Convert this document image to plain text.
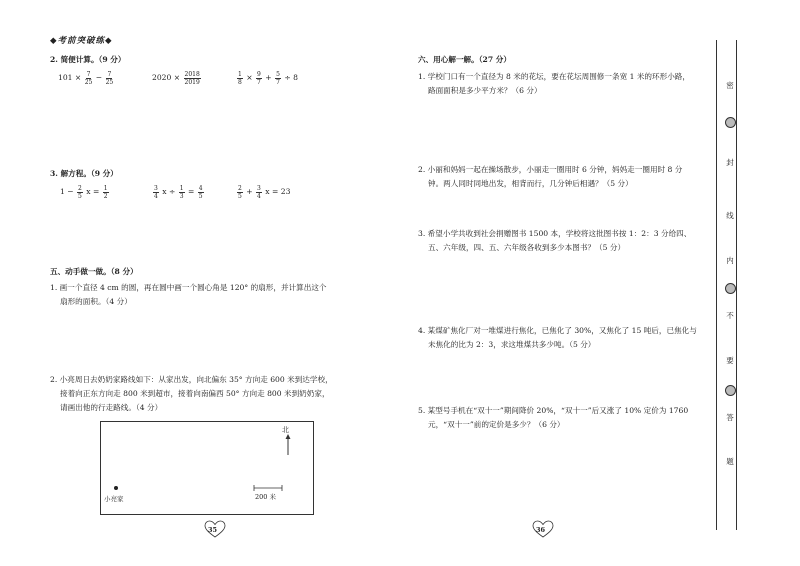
◆考前突破练◆
2. 简便计算。（9 分）
$101 \times \frac{7}{25} - \frac{7}{25}$	$2020 \times \frac{2018}{2019}$	$\frac{1}{8} \times \frac{9}{7} + \frac{5}{7} \div 8$
3. 解方程。（9 分）
$1 - \frac{2}{5}$ $x = \frac{1}{2}$	$\frac{3}{4}$ $x \div \frac{1}{3} = \frac{4}{5}$	$\frac{2}{5} + \frac{3}{4}$ x = 23
五、动手做一做。（8 分）
1. 画一个直径 4 cm 的圆，再在圆中画一个圆心角是 120° 的扇形，并计算出这个
扇形的面积。（4 分）
2. 小亮周日去奶奶家路线如下：从家出发，向北偏东 35° 方向走 600 米到达学校，
接着向正东方向走 800 米到超市，接着向南偏西 50° 方向走 800 米到奶奶家，
请画出他的行走路线。（4 分）
北
小亮家	200 米
35
六、用心解一解。（27 分）
1. 学校门口有一个直径为 8 米的花坛，要在花坛周围修一条宽 1 米的环形小路，
路面面积是多少平方米？（6 分）
2. 小丽和妈妈一起在操场散步，小丽走一圈用时 6 分钟，妈妈走一圈用时 8 分
钟。两人同时同地出发，相背而行，几分钟后相遇？（5 分）
3. 希望小学共收到社会捐赠图书 1500 本，学校将这批图书按 1：2：3 分给四、
五、六年级，四、五、六年级各收到多少本图书？（5 分）
4. 某煤矿焦化厂对一堆煤进行焦化，已焦化了 30%，又焦化了 15 吨后，已焦化与
未焦化的比为 2：3，求这堆煤共多少吨。（5 分）
5. 某型号手机在“双十一”期间降价 20%，“双十一”后又涨了 10% 定价为 1760
元，“双十一”前的定价是多少？（6 分）
36
密
封
线
内
不
要
答
题
